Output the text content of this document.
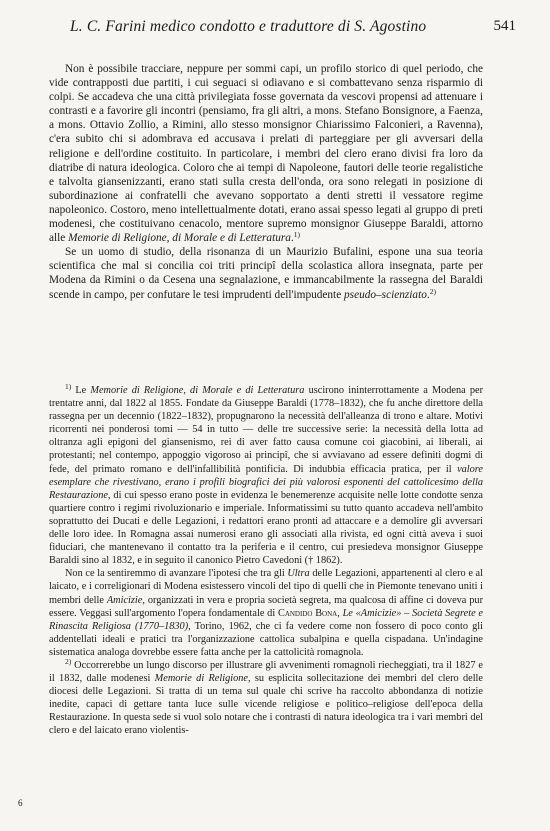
L. C. Farini medico condotto e traduttore di S. Agostino	541

Non è possibile tracciare, neppure per sommi capi, un profilo storico di quel periodo, che vide contrapposti due partiti, i cui seguaci si odiavano e si combattevano senza risparmio di colpi. Se accadeva che una città privilegiata fosse governata da vescovi propensi ad attenuare i contrasti e a favorire gli incontri (pensiamo, fra gli altri, a mons. Stefano Bonsignore, a Faenza, a mons. Ottavio Zollio, a Rimini, allo stesso monsignor Chiarissimo Falconieri, a Ravenna), c'era subito chi si adombrava ed accusava i prelati di parteggiare per gli avversari della religione e dell'ordine costituito. In particolare, i membri del clero erano divisi fra loro da diatribe di natura ideologica. Coloro che ai tempi di Napoleone, fautori delle teorie regalistiche e talvolta giansenizzanti, erano stati sulla cresta dell'onda, ora sono relegati in posizione di subordinazione ai confratelli che avevano sopportato a denti stretti il vessatore regime napoleonico. Costoro, meno intellettualmente dotati, erano assai spesso legati al gruppo di preti modenesi, che costituivano cenacolo, mentore supremo monsignor Giuseppe Baraldi, attorno alle Memorie di Religione, di Morale e di Letteratura.$^{1)}$

Se un uomo di studio, della risonanza di un Maurizio Bufalini, espone una sua teoria scientifica che mal si concilia coi triti principî della scolastica allora insegnata, parte per Modena da Rimini o da Cesena una segnalazione, e immancabilmente la rassegna del Baraldi scende in campo, per confutare le tesi imprudenti dell'impudente pseudo–scienziato.$^{2)}$

$^{1)}$ Le Memorie di Religione, di Morale e di Letteratura uscirono ininterrottamente a Modena per trentatre anni, dal 1822 al 1855. Fondate da Giuseppe Baraldi (1778–1832), che fu anche direttore della rassegna per un decennio (1822–1832), propugnarono la necessità dell'alleanza di trono e altare. Motivi ricorrenti nei ponderosi tomi — 54 in tutto — delle tre successive serie: la necessità della lotta ad oltranza agli epigoni del giansenismo, rei di aver fatto causa comune coi giacobini, ai liberali, ai protestanti; nel contempo, appoggio vigoroso ai principî, che si avviavano ad essere definiti dogmi di fede, del primato romano e dell'infallibilità pontificia. Di indubbia efficacia pratica, per il valore esemplare che rivestivano, erano i profili biografici dei più valorosi esponenti del cattolicesimo della Restaurazione, di cui spesso erano poste in evidenza le benemerenze acquisite nelle lotte condotte senza quartiere contro i regimi rivoluzionario e imperiale. Informatissimi su tutto quanto accadeva nell'ambito soprattutto dei Ducati e delle Legazioni, i redattori erano pronti ad attaccare e a demolire gli avversari delle loro idee. In Romagna assai numerosi erano gli associati alla rivista, ed ogni città aveva i suoi fiduciari, che mantenevano il contatto tra la periferia e il centro, cui presiedeva monsignor Giuseppe Baraldi sino al 1832, e in seguito il canonico Pietro Cavedoni († 1862).

Non ce la sentiremmo di avanzare l'ipotesi che tra gli Ultra delle Legazioni, appartenenti al clero e al laicato, e i correligionari di Modena esistessero vincoli del tipo di quelli che in Piemonte tenevano uniti i membri delle Amicizie, organizzati in vera e propria società segreta, ma qualcosa di affine ci doveva pur essere. Veggasi sull'argomento l'opera fondamentale di Candido Bona, Le «Amicizie» – Società Segrete e Rinascita Religiosa (1770–1830), Torino, 1962, che ci fa vedere come non fossero di poco conto gli addentellati ideali e pratici tra l'organizzazione cattolica subalpina e quella cispadana. Un'indagine sistematica analoga dovrebbe essere fatta anche per la cattolicità romagnola.

$^{2)}$ Occorrerebbe un lungo discorso per illustrare gli avvenimenti romagnoli riecheggiati, tra il 1827 e il 1832, dalle modenesi Memorie di Religione, su esplicita sollecitazione dei membri del clero delle diocesi delle Legazioni. Si tratta di un tema sul quale chi scrive ha raccolto abbondanza di notizie inedite, capaci di gettare tanta luce sulle vicende religiose e politico–religiose dell'epoca della Restaurazione. In questa sede si vuol solo notare che i contrasti di natura ideologica tra i vari membri del clero e del laicato erano violentis-

6
